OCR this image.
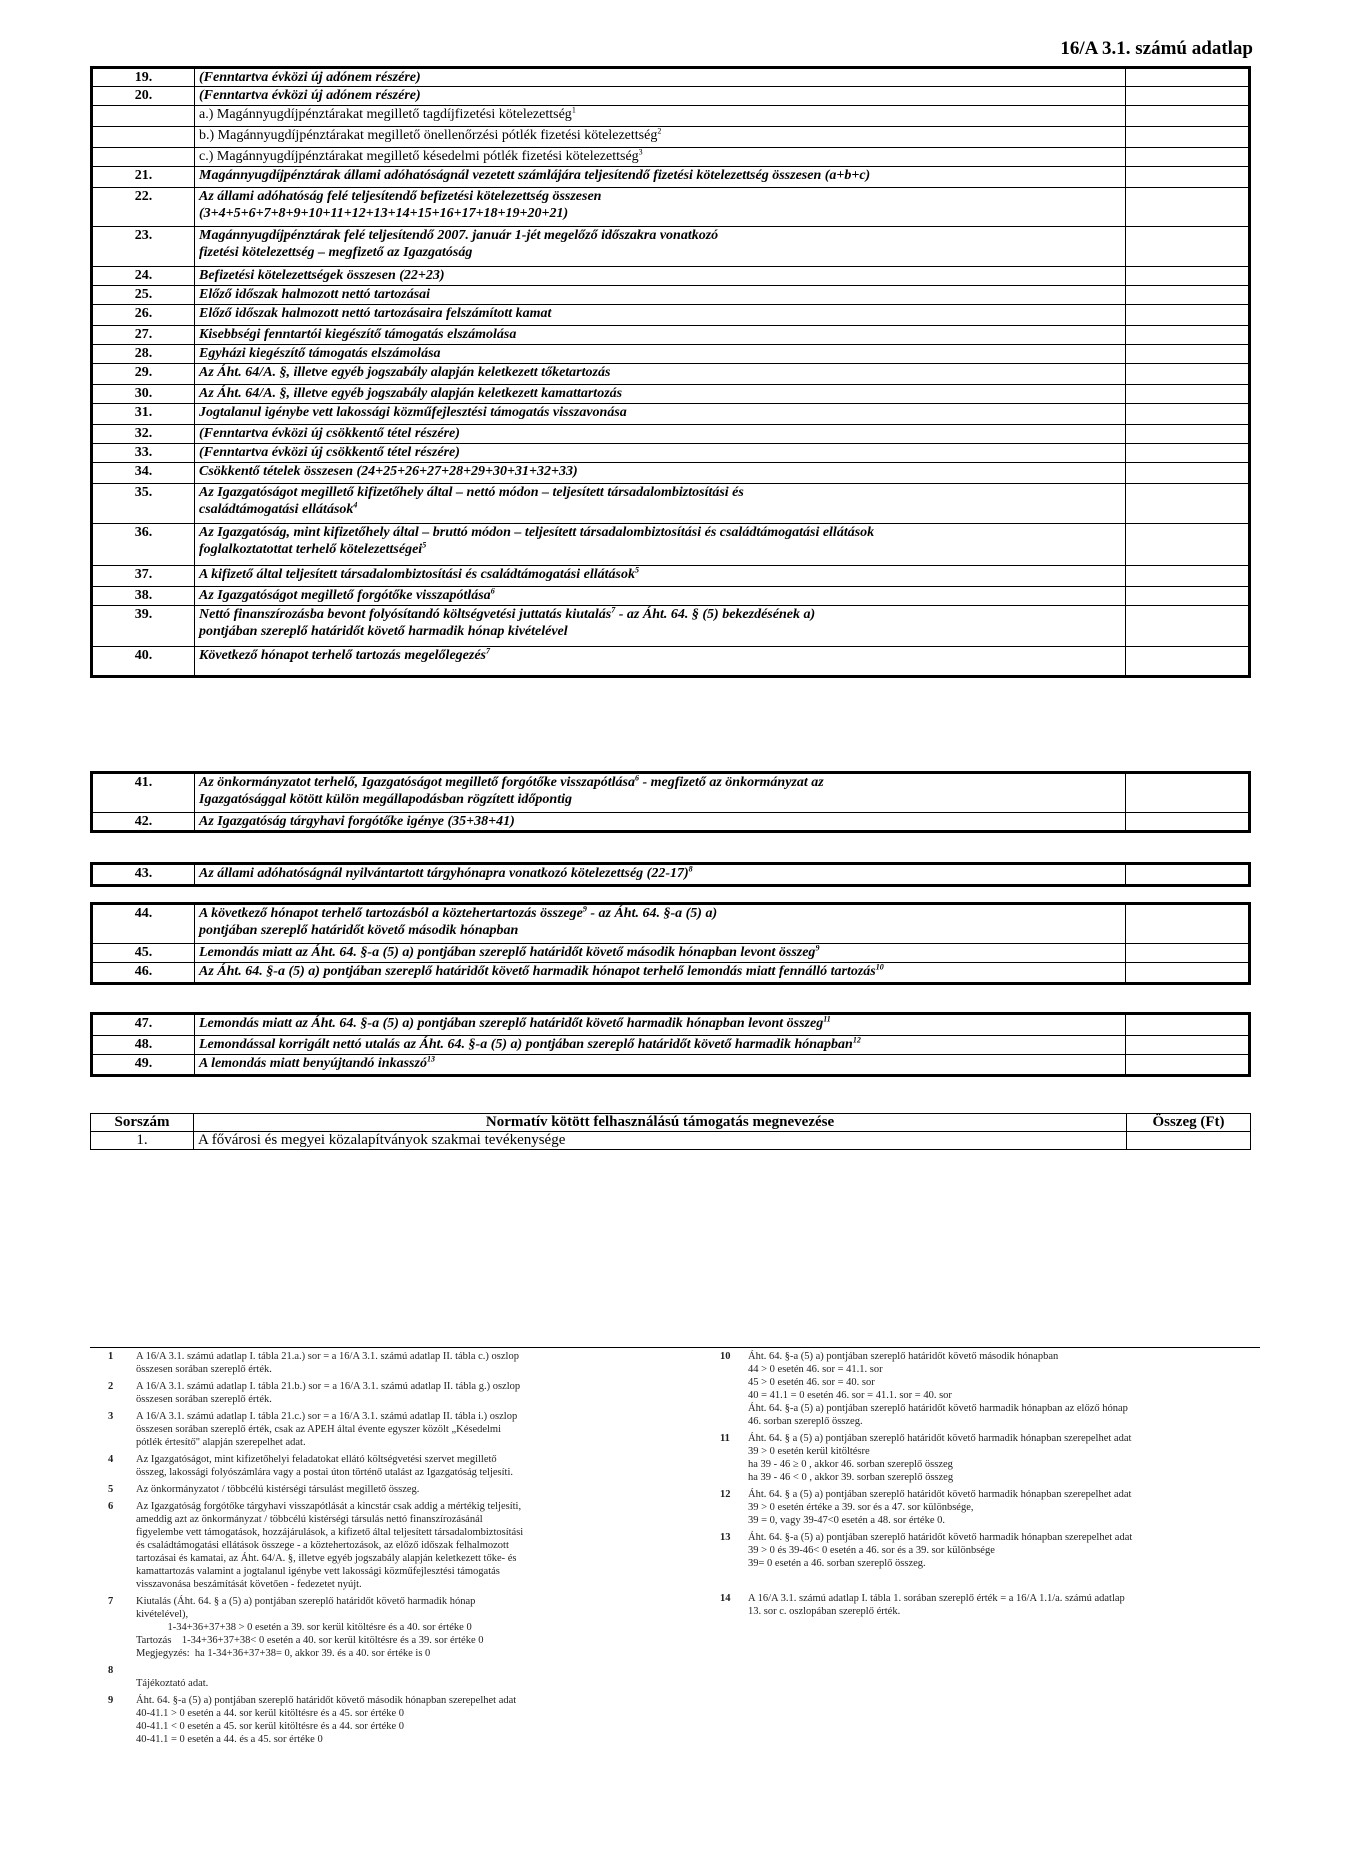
16/A 3.1. számú adatlap
19.	(Fenntartva évközi új adónem részére)	
20.	(Fenntartva évközi új adónem részére)	
	a.) Magánnyugdíjpénztárakat megillető tagdíjfizetési kötelezettség$^1$	
	b.) Magánnyugdíjpénztárakat megillető önellenőrzési pótlék fizetési kötelezettség$^2$	
	c.) Magánnyugdíjpénztárakat megillető késedelmi pótlék fizetési kötelezettség$^3$	
21.	Magánnyugdíjpénztárak állami adóhatóságnál vezetett számlájára teljesítendő fizetési kötelezettség összesen (a+b+c)	
22.	Az állami adóhatóság felé teljesítendő befizetési kötelezettség összesen
(3+4+5+6+7+8+9+10+11+12+13+14+15+16+17+18+19+20+21)	
23.	Magánnyugdíjpénztárak felé teljesítendő 2007. január 1-jét megelőző időszakra vonatkozó
fizetési kötelezettség – megfizető az Igazgatóság	
24.	Befizetési kötelezettségek összesen (22+23)	
25.	Előző időszak halmozott nettó tartozásai	
26.	Előző időszak halmozott nettó tartozásaira felszámított kamat	
27.	Kisebbségi fenntartói kiegészítő támogatás elszámolása	
28.	Egyházi kiegészítő támogatás elszámolása	
29.	Az Áht. 64/A. §, illetve egyéb jogszabály alapján keletkezett tőketartozás	
30.	Az Áht. 64/A. §, illetve egyéb jogszabály alapján keletkezett kamattartozás	
31.	Jogtalanul igénybe vett lakossági közműfejlesztési támogatás visszavonása	
32.	(Fenntartva évközi új csökkentő tétel részére)	
33.	(Fenntartva évközi új csökkentő tétel részére)	
34.	Csökkentő tételek összesen (24+25+26+27+28+29+30+31+32+33)	
35.	Az Igazgatóságot megillető kifizetőhely által – nettó módon – teljesített társadalombiztosítási és
családtámogatási ellátások$^4$	
36.	Az Igazgatóság, mint kifizetőhely által – bruttó módon – teljesített társadalombiztosítási és családtámogatási ellátások
foglalkoztatottat terhelő kötelezettségei$^5$	
37.	A kifizető által teljesített társadalombiztosítási és családtámogatási ellátások$^5$	
38.	Az Igazgatóságot megillető forgótőke visszapótlása$^6$	
39.	Nettó finanszírozásba bevont folyósítandó költségvetési juttatás kiutalás$^7$ - az Áht. 64. § (5) bekezdésének a)
pontjában szereplő határidőt követő harmadik hónap kivételével	
40.	Következő hónapot terhelő tartozás megelőlegezés$^7$	
41.	Az önkormányzatot terhelő, Igazgatóságot megillető forgótőke visszapótlása$^6$ - megfizető az önkormányzat az
Igazgatósággal kötött külön megállapodásban rögzített időpontig	
42.	Az Igazgatóság tárgyhavi forgótőke igénye (35+38+41)	
43.	Az állami adóhatóságnál nyilvántartott tárgyhónapra vonatkozó kötelezettség $(22-17)^8$	
44.	A következő hónapot terhelő tartozásból a köztehertartozás összege$^9$ - az Áht. 64. §-a (5) a)
pontjában szereplő határidőt követő második hónapban	
45.	Lemondás miatt az Áht. 64. §-a (5) a) pontjában szereplő határidőt követő második hónapban levont összeg$^9$	
46.	Az Áht. 64. §-a (5) a) pontjában szereplő határidőt követő harmadik hónapot terhelő lemondás miatt fennálló tartozás$^{10}$	
47.	Lemondás miatt az Áht. 64. §-a (5) a) pontjában szereplő határidőt követő harmadik hónapban levont összeg$^{11}$	
48.	Lemondással korrigált nettó utalás az Áht. 64. §-a (5) a) pontjában szereplő határidőt követő harmadik hónapban$^{12}$	
49.	A lemondás miatt benyújtandó inkasszó$^{13}$	
Sorszám	Normatív kötött felhasználású támogatás megnevezése	Összeg (Ft)
1.	A fővárosi és megyei közalapítványok szakmai tevékenysége	
1 A 16/A 3.1. számú adatlap I. tábla 21.a.) sor = a 16/A 3.1. számú adatlap II. tábla c.) oszlop
összesen sorában szereplő érték.
2 A 16/A 3.1. számú adatlap I. tábla 21.b.) sor = a 16/A 3.1. számú adatlap II. tábla g.) oszlop
összesen sorában szereplő érték.
3 A 16/A 3.1. számú adatlap I. tábla 21.c.) sor = a 16/A 3.1. számú adatlap II. tábla i.) oszlop
összesen sorában szereplő érték, csak az APEH által évente egyszer közölt „Késedelmi
pótlék értesítő" alapján szerepelhet adat.
4 Az Igazgatóságot, mint kifizetőhelyi feladatokat ellátó költségvetési szervet megillető
összeg, lakossági folyószámlára vagy a postai úton történő utalást az Igazgatóság teljesíti.
5 Az önkormányzatot / többcélú kistérségi társulást megillető összeg.
6 Az Igazgatóság forgótőke tárgyhavi visszapótlását a kincstár csak addig a mértékig teljesíti,
ameddig azt az önkormányzat / többcélú kistérségi társulás nettó finanszírozásánál
figyelembe vett támogatások, hozzájárulások, a kifizető által teljesített társadalombiztosítási
és családtámogatási ellátások összege - a köztehertozások, az előző időszak felhalmozott
tartozásai és kamatai, az Áht. 64/A. §, illetve egyéb jogszabály alapján keletkezett tőke- és
kamattartozás valamint a jogtalanul igénybe vett lakossági közműfejlesztési támogatás
visszavonása beszámítását követően - fedezetet nyújt.
7 Kiutalás (Áht. 64. § a (5) a) pontjában szereplő határidőt követő harmadik hónap
kivételével),
1-34+36+37+38 > 0 esetén a 39. sor kerül kitöltésre és a 40. sor értéke 0
Tartozás    1-34+36+37+38< 0 esetén a 40. sor kerül kitöltésre és a 39. sor értéke 0
Megjegyzés:  ha 1-34+36+37+38= 0, akkor 39. és a 40. sor értéke is 0
8
Tájékoztató adat.
9 Áht. 64. §-a (5) a) pontjában szereplő határidőt követő második hónapban szerepelhet adat
40-41.1 > 0 esetén a 44. sor kerül kitöltésre és a 45. sor értéke 0
40-41.1 < 0 esetén a 45. sor kerül kitöltésre és a 44. sor értéke 0
40-41.1 = 0 esetén a 44. és a 45. sor értéke 0
10 Áht. 64. §-a (5) a) pontjában szereplő határidőt követő második hónapban
44 > 0 esetén 46. sor = 41.1. sor
45 > 0 esetén 46. sor = 40. sor
40 = 41.1 = 0 esetén 46. sor = 41.1. sor = 40. sor
Áht. 64. §-a (5) a) pontjában szereplő határidőt követő harmadik hónapban az előző hónap
46. sorban szereplő összeg.
11 Áht. 64. § a (5) a) pontjában szereplő határidőt követő harmadik hónapban szerepelhet adat
39 > 0 esetén kerül kitöltésre
ha 39 - 46 ≥ 0 , akkor 46. sorban szereplő összeg
ha 39 - 46 < 0 , akkor 39. sorban szereplő összeg
12 Áht. 64. § a (5) a) pontjában szereplő határidőt követő harmadik hónapban szerepelhet adat
39 > 0 esetén értéke a 39. sor és a 47. sor különbsége,
39 = 0, vagy 39-47<0 esetén a 48. sor értéke 0.
13 Áht. 64. §-a (5) a) pontjában szereplő határidőt követő harmadik hónapban szerepelhet adat
39 > 0 és 39-46< 0 esetén a 46. sor és a 39. sor különbsége
39= 0 esetén a 46. sorban szereplő összeg.
14 A 16/A 3.1. számú adatlap I. tábla 1. sorában szereplő érték = a 16/A 1.1/a. számú adatlap
13. sor c. oszlopában szereplő érték.
